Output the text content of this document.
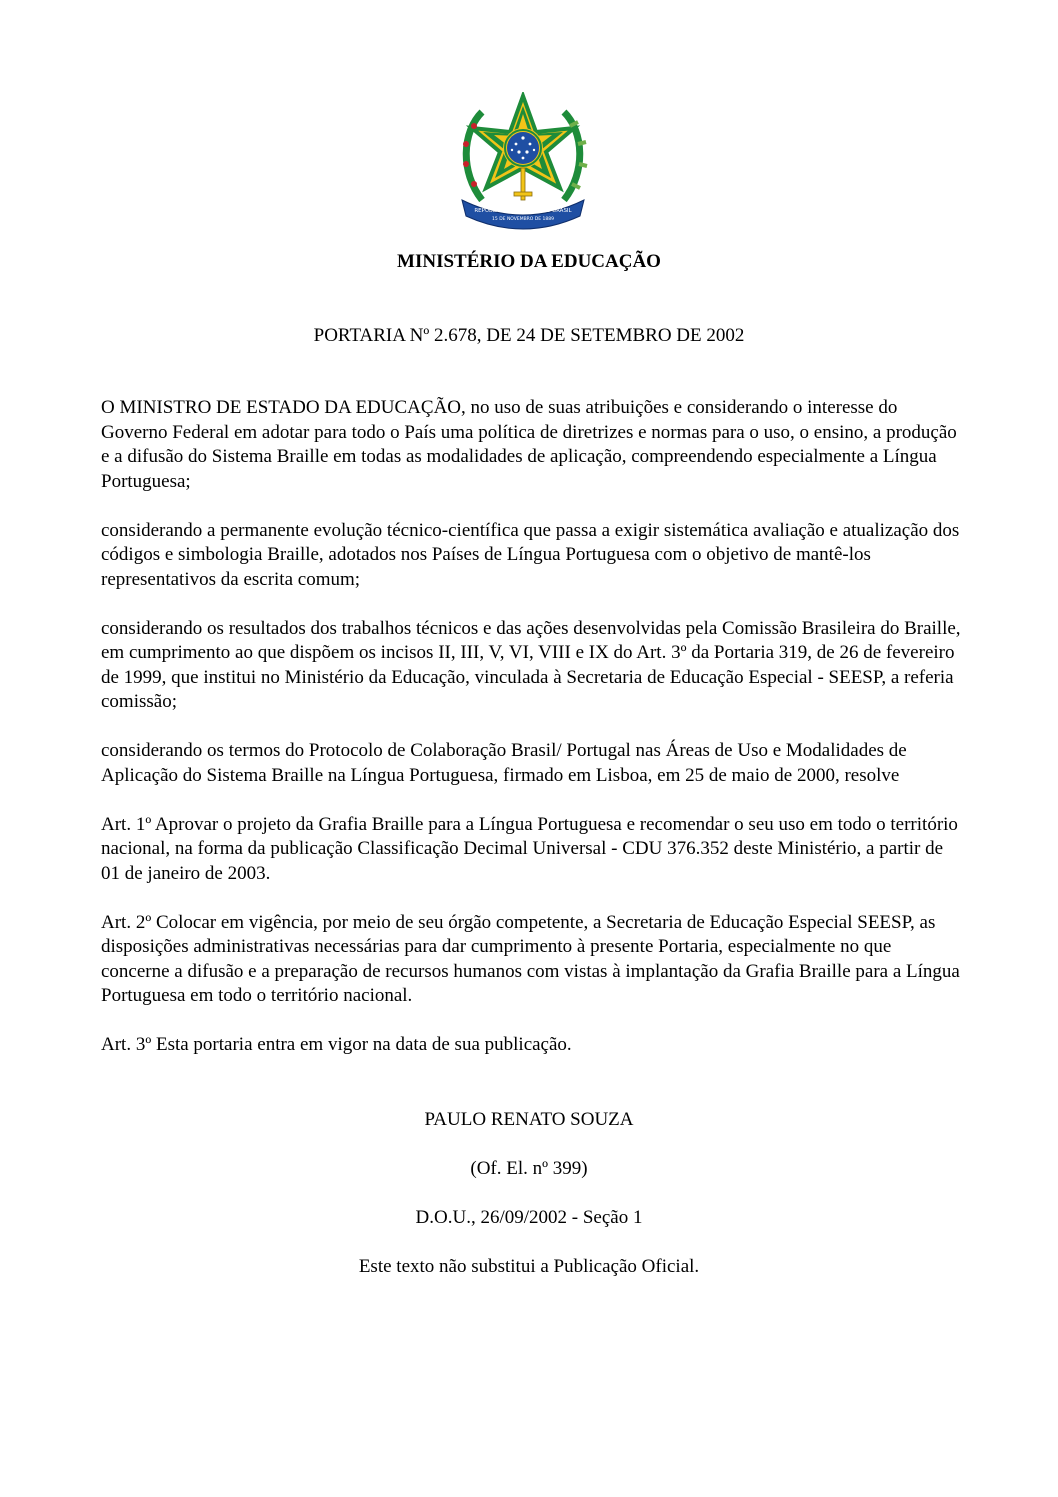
REPÚBLICA FEDERATIVA DO BRASIL
15 DE NOVEMBRO DE 1889
MINISTÉRIO DA EDUCAÇÃO
PORTARIA Nº 2.678, DE 24 DE SETEMBRO DE 2002

O MINISTRO DE ESTADO DA EDUCAÇÃO, no uso de suas atribuições e considerando o interesse do Governo Federal em adotar para todo o País uma política de diretrizes e normas para o uso, o ensino, a produção e a difusão do Sistema Braille em todas as modalidades de aplicação, compreendendo especialmente a Língua Portuguesa;

considerando a permanente evolução técnico-científica que passa a exigir sistemática avaliação e atualização dos códigos e simbologia Braille, adotados nos Países de Língua Portuguesa com o objetivo de mantê-los representativos da escrita comum;

considerando os resultados dos trabalhos técnicos e das ações desenvolvidas pela Comissão Brasileira do Braille, em cumprimento ao que dispõem os incisos II, III, V, VI, VIII e IX do Art. 3º da Portaria 319, de 26 de fevereiro de 1999, que institui no Ministério da Educação, vinculada à Secretaria de Educação Especial - SEESP, a referia comissão;

considerando os termos do Protocolo de Colaboração Brasil/ Portugal nas Áreas de Uso e Modalidades de Aplicação do Sistema Braille na Língua Portuguesa, firmado em Lisboa, em 25 de maio de 2000, resolve

Art. 1º Aprovar o projeto da Grafia Braille para a Língua Portuguesa e recomendar o seu uso em todo o território nacional, na forma da publicação Classificação Decimal Universal - CDU 376.352 deste Ministério, a partir de 01 de janeiro de 2003.

Art. 2º Colocar em vigência, por meio de seu órgão competente, a Secretaria de Educação Especial SEESP, as disposições administrativas necessárias para dar cumprimento à presente Portaria, especialmente no que concerne a difusão e a preparação de recursos humanos com vistas à implantação da Grafia Braille para a Língua Portuguesa em todo o território nacional.

Art. 3º Esta portaria entra em vigor na data de sua publicação.

PAULO RENATO SOUZA
(Of. El. nº 399)
D.O.U., 26/09/2002 - Seção 1
Este texto não substitui a Publicação Oficial.
